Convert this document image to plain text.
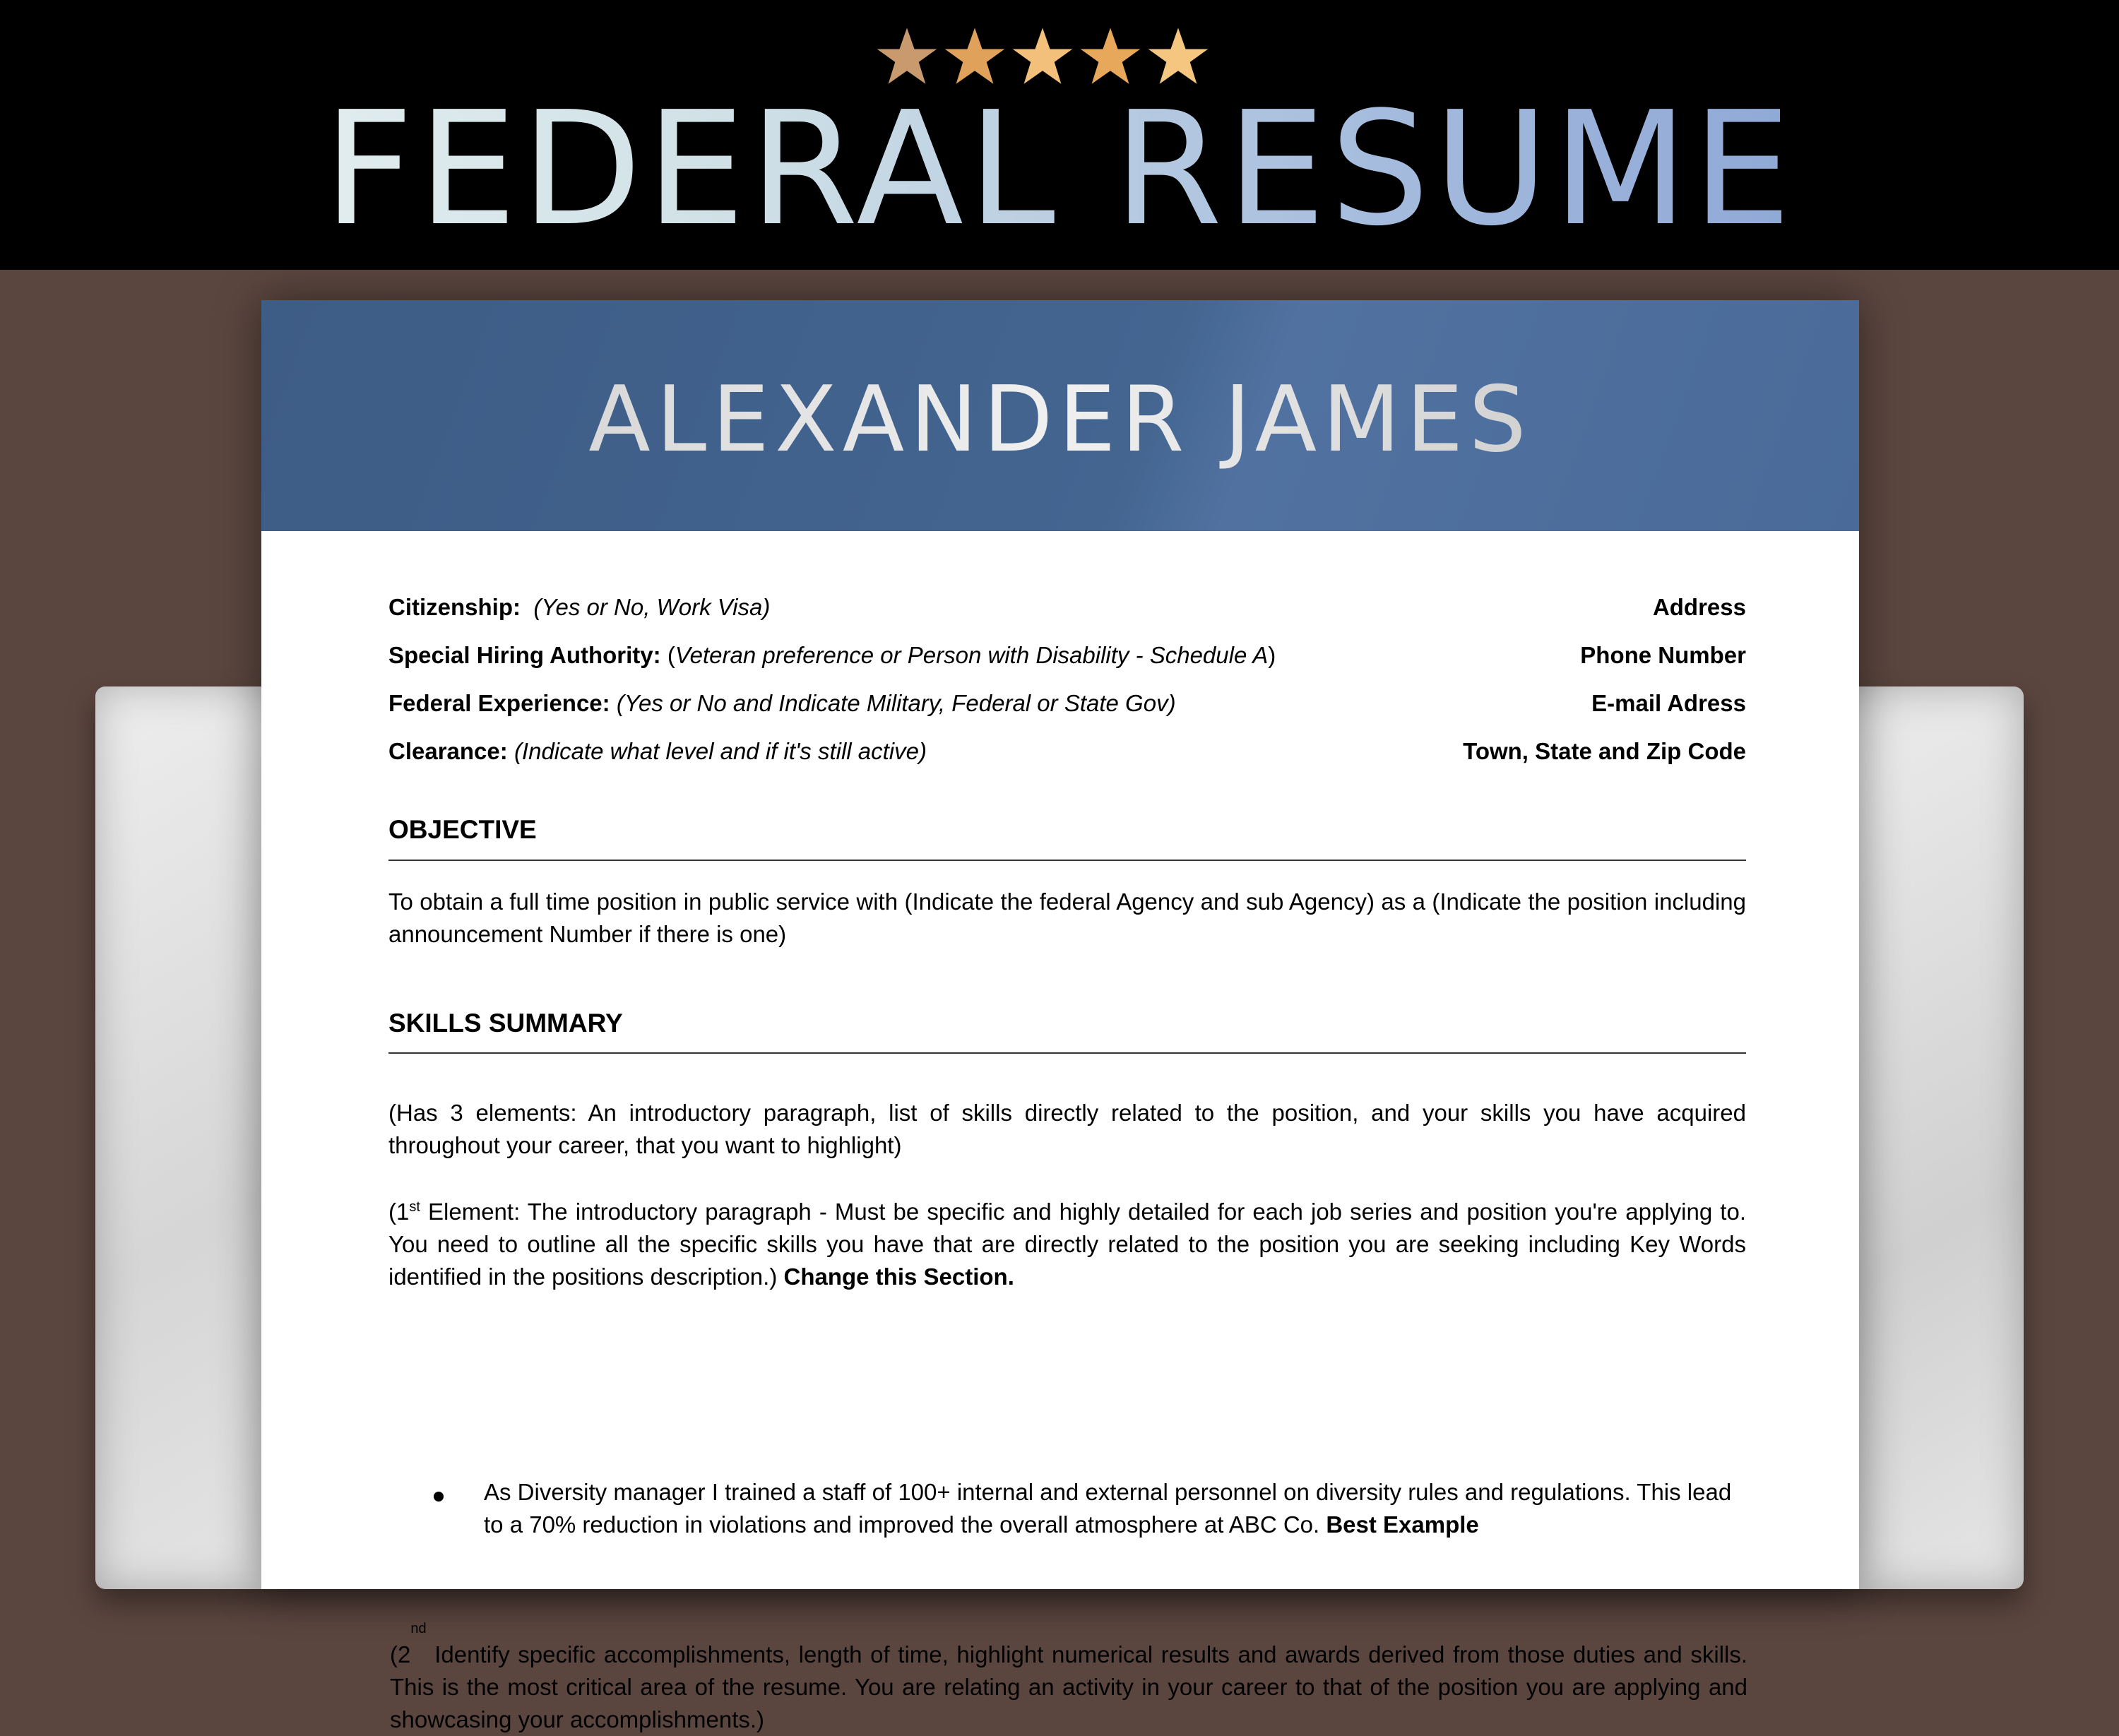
FEDERAL RESUME
ALEXANDER JAMES
Citizenship: (Yes or No, Work Visa)	Address
Special Hiring Authority: (Veteran preference or Person with Disability - Schedule A)	Phone Number
Federal Experience: (Yes or No and Indicate Military, Federal or State Gov)	E-mail Adress
Clearance: (Indicate what level and if it's still active)	Town, State and Zip Code
OBJECTIVE
To obtain a full time position in public service with (Indicate the federal Agency and sub Agency) as a (Indicate the position including announcement Number if there is one)
SKILLS SUMMARY
(Has 3 elements: An introductory paragraph, list of skills directly related to the position, and your skills you have acquired throughout your career, that you want to highlight)
(1st Element: The introductory paragraph - Must be specific and highly detailed for each job series and position you're applying to. You need to outline all the specific skills you have that are directly related to the position you are seeking including Key Words identified in the positions description.) Change this Section.
(2nd Identify specific accomplishments, length of time, highlight numerical results and awards derived from those duties and skills. This is the most critical area of the resume. You are relating an activity in your career to that of the position you are applying and showcasing your accomplishments.)
As Diversity manager I trained a staff of 100+ internal and external personnel on diversity rules and regulations. This lead to a 70% reduction in violations and improved the overall atmosphere at ABC Co. Best Example
